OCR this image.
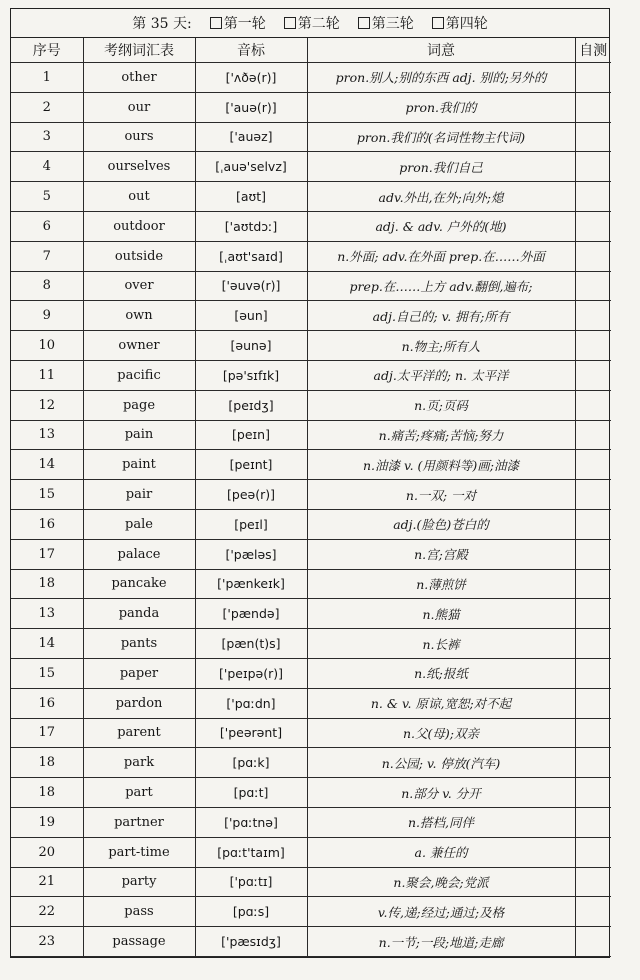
第 35 天: 第一轮 第二轮 第三轮 第四轮
序号	考纲词汇表	音标	词意	自测
1	other	['ʌðə(r)]	pron.别人;别的东西 adj. 别的;另外的	
2	our	['auə(r)]	pron.我们的	
3	ours	['auəz]	pron.我们的(名词性物主代词)	
4	ourselves	[ˌauə'selvz]	pron.我们自己	
5	out	[aʊt]	adv.外出,在外;向外;熄	
6	outdoor	['aʊtdɔː]	adj. & adv. 户外的(地)	
7	outside	[ˌaʊt'saɪd]	n.外面; adv.在外面 prep.在……外面	
8	over	['əuvə(r)]	prep.在……上方 adv.翻倒,遍布;	
9	own	[əun]	adj.自己的; v. 拥有;所有	
10	owner	[əunə]	n.物主;所有人	
11	pacific	[pə'sɪfɪk]	adj.太平洋的; n. 太平洋	
12	page	[peɪdʒ]	n.页;页码	
13	pain	[peɪn]	n.痛苦;疼痛;苦恼;努力	
14	paint	[peɪnt]	n.油漆 v. (用颜料等)画;油漆	
15	pair	[peə(r)]	n.一双; 一对	
16	pale	[peɪl]	adj.(脸色)苍白的	
17	palace	['pæləs]	n.宫;宫殿	
18	pancake	['pænkeɪk]	n.薄煎饼	
13	panda	['pændə]	n.熊猫	
14	pants	[pæn(t)s]	n.长裤	
15	paper	['peɪpə(r)]	n.纸;报纸	
16	pardon	['pɑːdn]	n. & v. 原谅,宽恕;对不起	
17	parent	['peərənt]	n.父(母);双亲	
18	park	[pɑːk]	n.公园; v. 停放(汽车)	
18	part	[pɑːt]	n.部分 v. 分开	
19	partner	['pɑːtnə]	n.搭档,同伴	
20	part-time	[pɑːt'taɪm]	a. 兼任的	
21	party	['pɑːtɪ]	n.聚会,晚会;党派	
22	pass	[pɑːs]	v.传,递;经过;通过;及格	
23	passage	['pæsɪdʒ]	n.一节;一段;地道;走廊	
